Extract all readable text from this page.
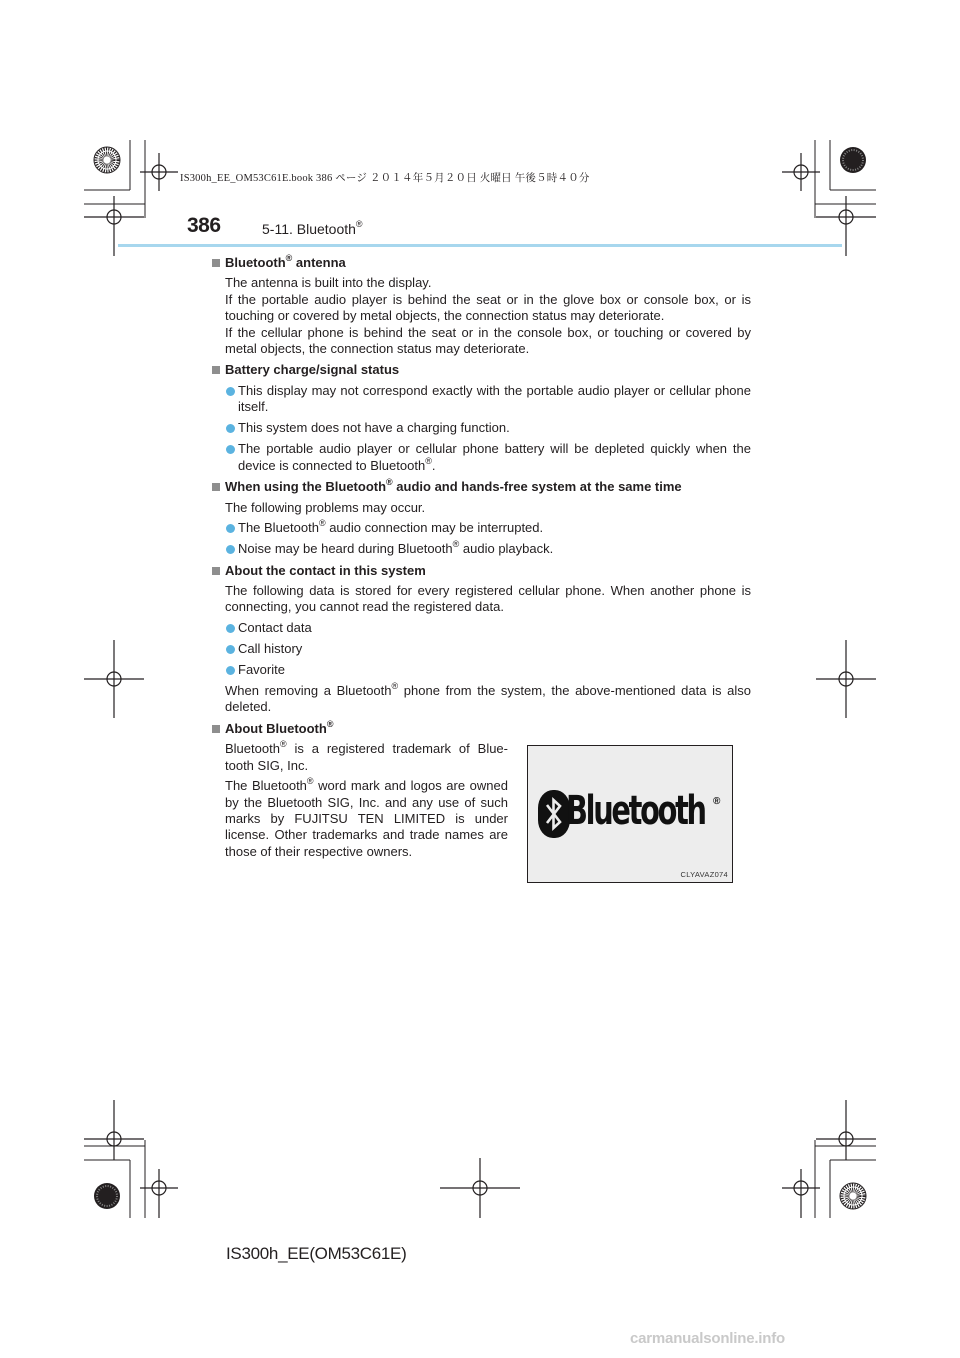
IS300h_EE_OM53C61E.book 386 ページ ２０１４年５月２０日 火曜日 午後５時４０分
386	5-11. Bluetooth®
Bluetooth® antenna

The antenna is built into the display.

If the portable audio player is behind the seat or in the glove box or console box, or is touching or covered by metal objects, the connection status may deteriorate.

If the cellular phone is behind the seat or in the console box, or touching or covered by metal objects, the connection status may deteriorate.

Battery charge/signal status
This display may not correspond exactly with the portable audio player or cellular phone itself.
This system does not have a charging function.
The portable audio player or cellular phone battery will be depleted quickly when the device is connected to Bluetooth®.
When using the Bluetooth® audio and hands-free system at the same time

The following problems may occur.

The Bluetooth® audio connection may be interrupted.
Noise may be heard during Bluetooth® audio playback.
About the contact in this system

The following data is stored for every registered cellular phone. When another phone is connecting, you cannot read the registered data.

Contact data
Call history
Favorite

When removing a Bluetooth® phone from the system, the above-mentioned data is also deleted.

About Bluetooth®

Bluetooth® is a registered trademark of Blue-tooth SIG, Inc.

The Bluetooth® word mark and logos are owned by the Bluetooth SIG, Inc. and any use of such marks by FUJITSU TEN LIMITED is under license. Other trademarks and trade names are those of their respective owners.

Bluetooth ®
CLYAVAZ074
IS300h_EE(OM53C61E)
carmanualsonline.info
